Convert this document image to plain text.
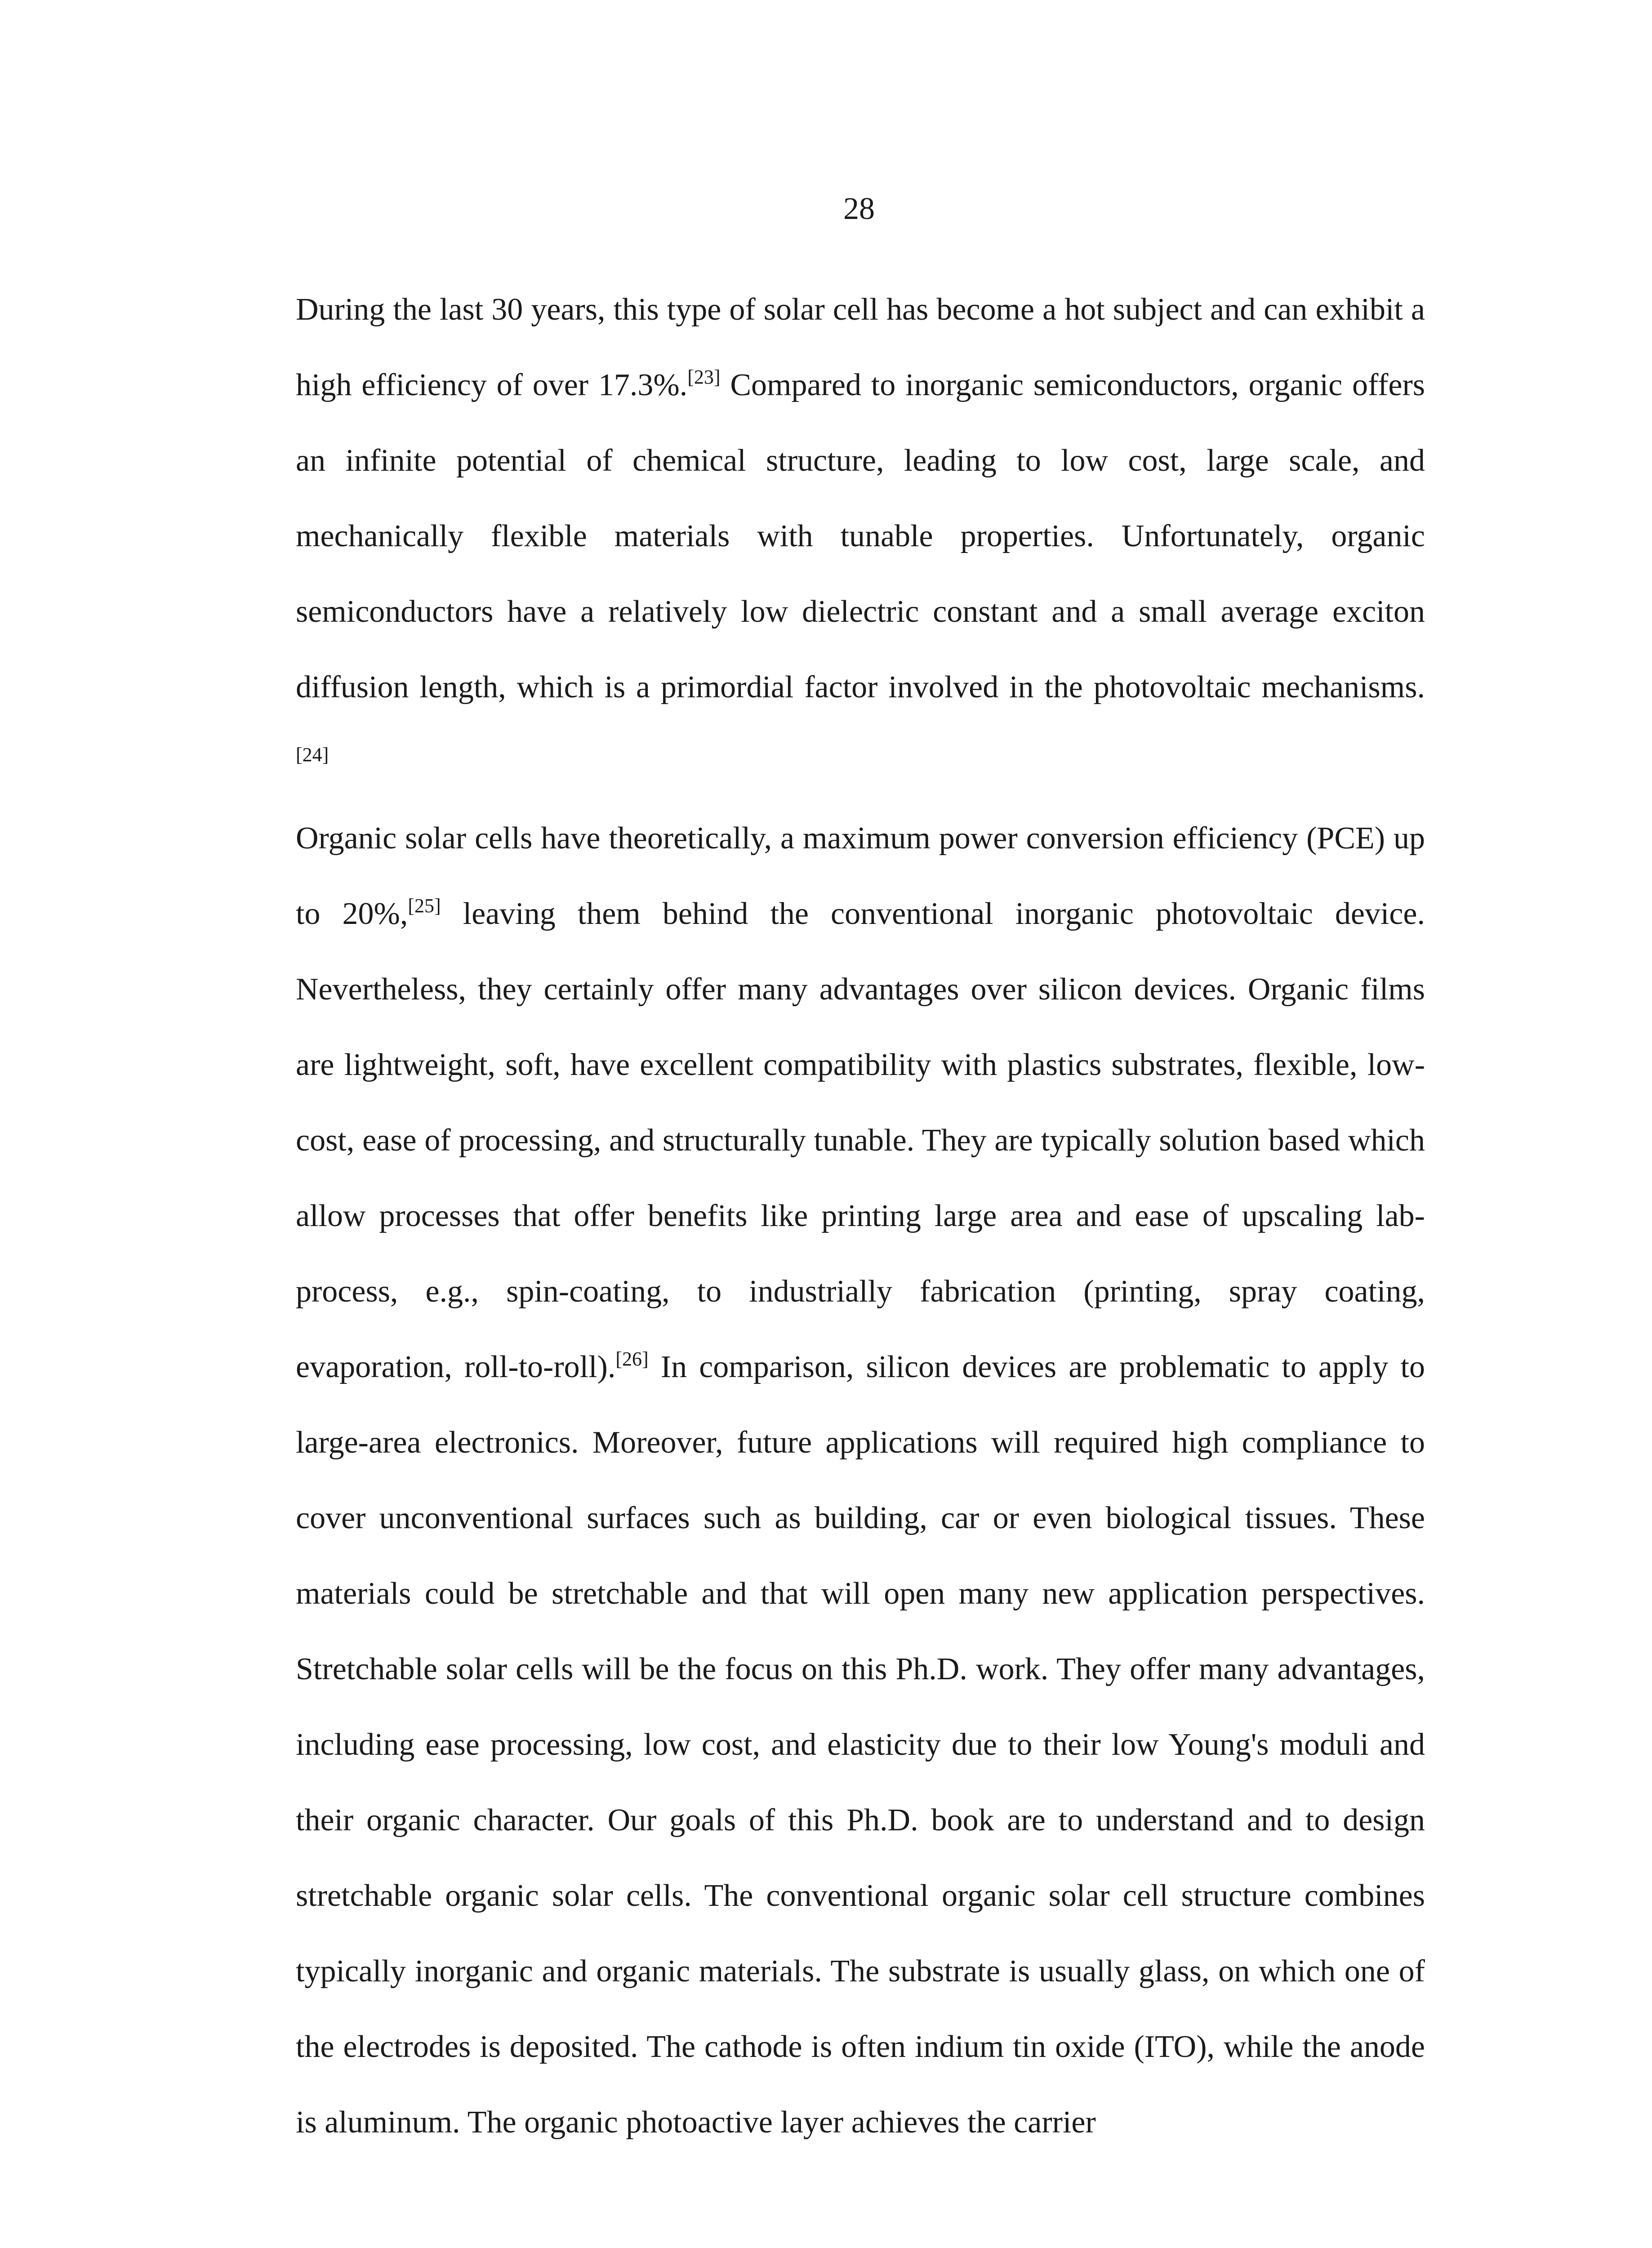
28

During the last 30 years, this type of solar cell has become a hot subject and can exhibit a high efficiency of over 17.3%.[23] Compared to inorganic semiconductors, organic offers an infinite potential of chemical structure, leading to low cost, large scale, and mechanically flexible materials with tunable properties. Unfortunately, organic semiconductors have a relatively low dielectric constant and a small average exciton diffusion length, which is a primordial factor involved in the photovoltaic mechanisms.[24]

Organic solar cells have theoretically, a maximum power conversion efficiency (PCE) up to 20%,[25] leaving them behind the conventional inorganic photovoltaic device. Nevertheless, they certainly offer many advantages over silicon devices. Organic films are lightweight, soft, have excellent compatibility with plastics substrates, flexible, low-cost, ease of processing, and structurally tunable. They are typically solution based which allow processes that offer benefits like printing large area and ease of upscaling lab-process, e.g., spin-coating, to industrially fabrication (printing, spray coating, evaporation, roll-to-roll).[26] In comparison, silicon devices are problematic to apply to large-area electronics. Moreover, future applications will required high compliance to cover unconventional surfaces such as building, car or even biological tissues. These materials could be stretchable and that will open many new application perspectives. Stretchable solar cells will be the focus on this Ph.D. work. They offer many advantages, including ease processing, low cost, and elasticity due to their low Young's moduli and their organic character. Our goals of this Ph.D. book are to understand and to design stretchable organic solar cells. The conventional organic solar cell structure combines typically inorganic and organic materials. The substrate is usually glass, on which one of the electrodes is deposited. The cathode is often indium tin oxide (ITO), while the anode is aluminum. The organic photoactive layer achieves the carrier
